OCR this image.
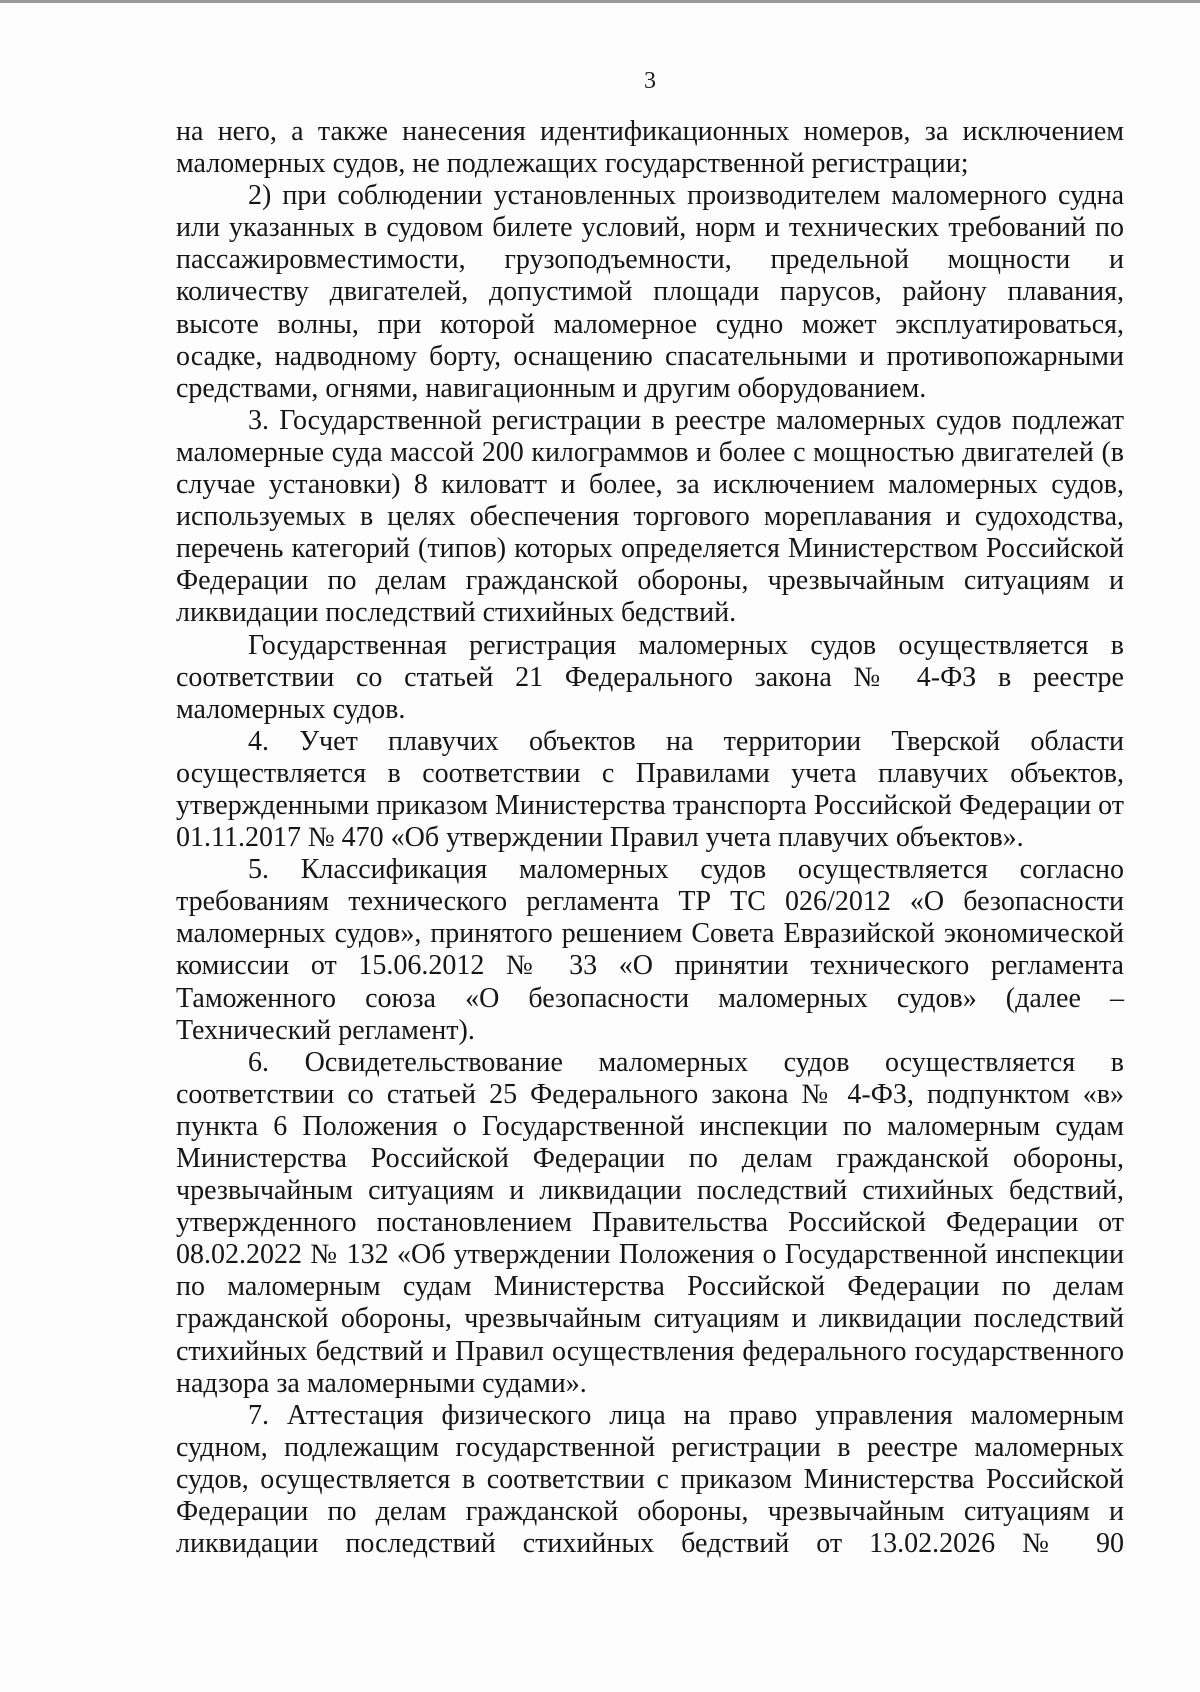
3

на него, а также нанесения идентификационных номеров, за исключением маломерных судов, не подлежащих государственной регистрации;

2) при соблюдении установленных производителем маломерного судна или указанных в судовом билете условий, норм и технических требований по пассажировместимости, грузоподъемности, предельной мощности и количеству двигателей, допустимой площади парусов, району плавания, высоте волны, при которой маломерное судно может эксплуатироваться, осадке, надводному борту, оснащению спасательными и противопожарными средствами, огнями, навигационным и другим оборудованием.

3. Государственной регистрации в реестре маломерных судов подлежат маломерные суда массой 200 килограммов и более с мощностью двигателей (в случае установки) 8 киловатт и более, за исключением маломерных судов, используемых в целях обеспечения торгового мореплавания и судоходства, перечень категорий (типов) которых определяется Министерством Российской Федерации по делам гражданской обороны, чрезвычайным ситуациям и ликвидации последствий стихийных бедствий.

Государственная регистрация маломерных судов осуществляется в соответствии со статьей 21 Федерального закона № 4-ФЗ в реестре маломерных судов.

4. Учет плавучих объектов на территории Тверской области осуществляется в соответствии с Правилами учета плавучих объектов, утвержденными приказом Министерства транспорта Российской Федерации от 01.11.2017 № 470 «Об утверждении Правил учета плавучих объектов».

5. Классификация маломерных судов осуществляется согласно требованиям технического регламента ТР ТС 026/2012 «О безопасности маломерных судов», принятого решением Совета Евразийской экономической комиссии от 15.06.2012 № 33 «О принятии технического регламента Таможенного союза «О безопасности маломерных судов» (далее – Технический регламент).

6. Освидетельствование маломерных судов осуществляется в соответствии со статьей 25 Федерального закона № 4-ФЗ, подпунктом «в» пункта 6 Положения о Государственной инспекции по маломерным судам Министерства Российской Федерации по делам гражданской обороны, чрезвычайным ситуациям и ликвидации последствий стихийных бедствий, утвержденного постановлением Правительства Российской Федерации от 08.02.2022 № 132 «Об утверждении Положения о Государственной инспекции по маломерным судам Министерства Российской Федерации по делам гражданской обороны, чрезвычайным ситуациям и ликвидации последствий стихийных бедствий и Правил осуществления федерального государственного надзора за маломерными судами».

7. Аттестация физического лица на право управления маломерным судном, подлежащим государственной регистрации в реестре маломерных судов, осуществляется в соответствии с приказом Министерства Российской Федерации по делам гражданской обороны, чрезвычайным ситуациям и ликвидации последствий стихийных бедствий от 13.02.2026 № 90
